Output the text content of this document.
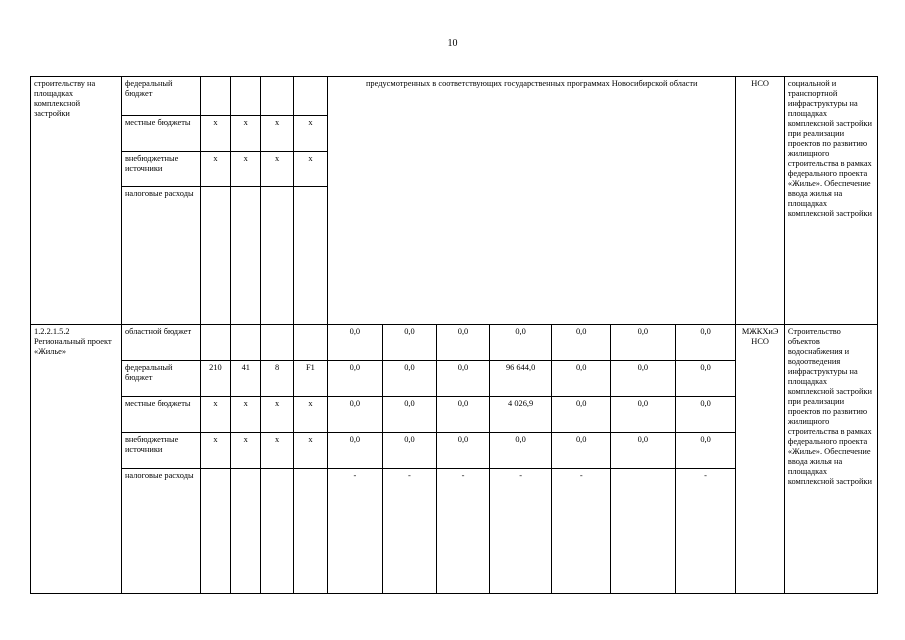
10
строительству на площадках комплексной застройки	федеральный бюджет					предусмотренных в соответствующих государственных программах Новосибирской области							НСО	социальной и транспортной инфраструктуры на площадках комплексной застройки при реализации проектов по развитию жилищного строительства в рамках федерального проекта «Жилье». Обеспечение ввода жилья на площадках комплексной застройки
	местные бюджеты	x	x	x	x									
	внебюджетные источники	x	x	x	x									
	налоговые расходы													
1.2.2.1.5.2 Региональный проект «Жилье»	областной бюджет					0,0	0,0	0,0	0,0	0,0	0,0	0,0	МЖКХиЭ НСО	Строительство объектов водоснабжения и водоотведения инфраструктуры на площадках комплексной застройки при реализации проектов по развитию жилищного строительства в рамках федерального проекта «Жилье». Обеспечение ввода жилья на площадках комплексной застройки
	федеральный бюджет	210	41	8	F1	0,0	0,0	0,0	96 644,0	0,0	0,0	0,0		
	местные бюджеты	x	x	x	x	0,0	0,0	0,0	4 026,9	0,0	0,0	0,0		
	внебюджетные источники	x	x	x	x	0,0	0,0	0,0	0,0	0,0	0,0	0,0		
	налоговые расходы					-	-	-	-	-		-		
